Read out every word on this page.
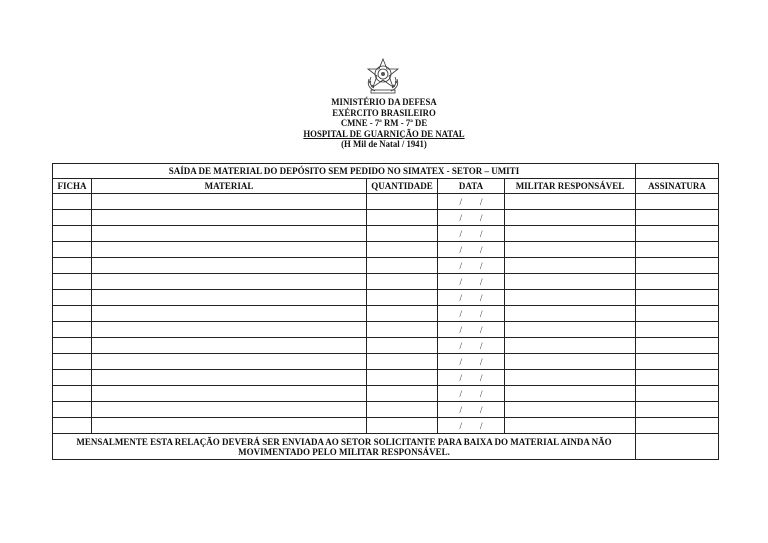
MINISTÉRIO DA DEFESA
EXÉRCITO BRASILEIRO
CMNE - 7ª RM - 7ª DE
HOSPITAL DE GUARNIÇÃO DE NATAL
(H Mil de Natal / 1941)
SAÍDA DE MATERIAL DO DEPÓSITO SEM PEDIDO NO SIMATEX - SETOR – UMITI					
FICHA	MATERIAL	QUANTIDADE	DATA	MILITAR RESPONSÁVEL	ASSINATURA
			/        /		
			/        /		
			/        /		
			/        /		
			/        /		
			/        /		
			/        /		
			/        /		
			/        /		
			/        /		
			/        /		
			/        /		
			/        /		
			/        /		
			/        /		
MENSALMENTE ESTA RELAÇÃO DEVERÁ SER ENVIADA AO SETOR SOLICITANTE PARA BAIXA DO MATERIAL AINDA NÃO MOVIMENTADO PELO MILITAR RESPONSÁVEL.					
